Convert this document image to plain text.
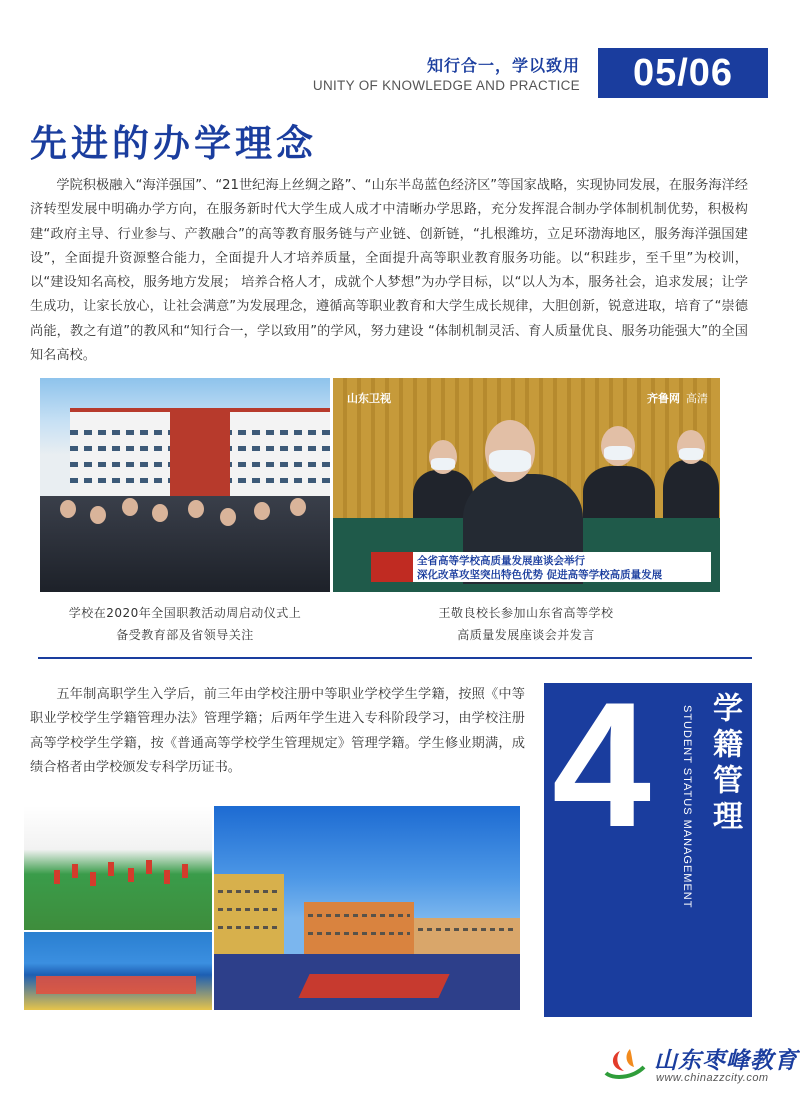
知行合一，学以致用
UNITY OF KNOWLEDGE AND PRACTICE	05/06
先进的办学理念
学院积极融入“海洋强国”、“21世纪海上丝绸之路”、“山东半岛蓝色经济区”等国家战略，实现协同发展，在服务海洋经济转型发展中明确办学方向，在服务新时代大学生成人成才中清晰办学思路，充分发挥混合制办学体制机制优势，积极构建“政府主导、行业参与、产教融合”的高等教育服务链与产业链、创新链，“扎根潍坊，立足环渤海地区，服务海洋强国建设”，全面提升资源整合能力，全面提升人才培养质量，全面提升高等职业教育服务功能。以“积跬步，至千里”为校训，以“建设知名高校，服务地方发展； 培养合格人才，成就个人梦想”为办学目标，以“以人为本，服务社会，追求发展；让学生成功，让家长放心，让社会满意”为发展理念，遵循高等职业教育和大学生成长规律，大胆创新，锐意进取，培育了“崇德尚能，教之有道”的教风和“知行合一，学以致用”的学风，努力建设 “体制机制灵活、育人质量优良、服务功能强大”的全国知名高校。
学校在2020年全国职教活动周启动仪式上
备受教育部及省领导关注
山东卫视	齐鲁网 高清
全省高等学校高质量发展座谈会举行
深化改革攻坚突出特色优势 促进高等学校高质量发展
王敬良校长参加山东省高等学校
高质量发展座谈会并发言
五年制高职学生入学后，前三年由学校注册中等职业学校学生学籍，按照《中等职业学校学生学籍管理办法》管理学籍；后两年学生进入专科阶段学习，由学校注册高等学校学生学籍，按《普通高等学校学生管理规定》管理学籍。学生修业期满，成绩合格者由学校颁发专科学历证书。	4	STUDENT STATUS MANAGEMENT 学籍管理
山东枣峰教育
www.chinazzcity.com
